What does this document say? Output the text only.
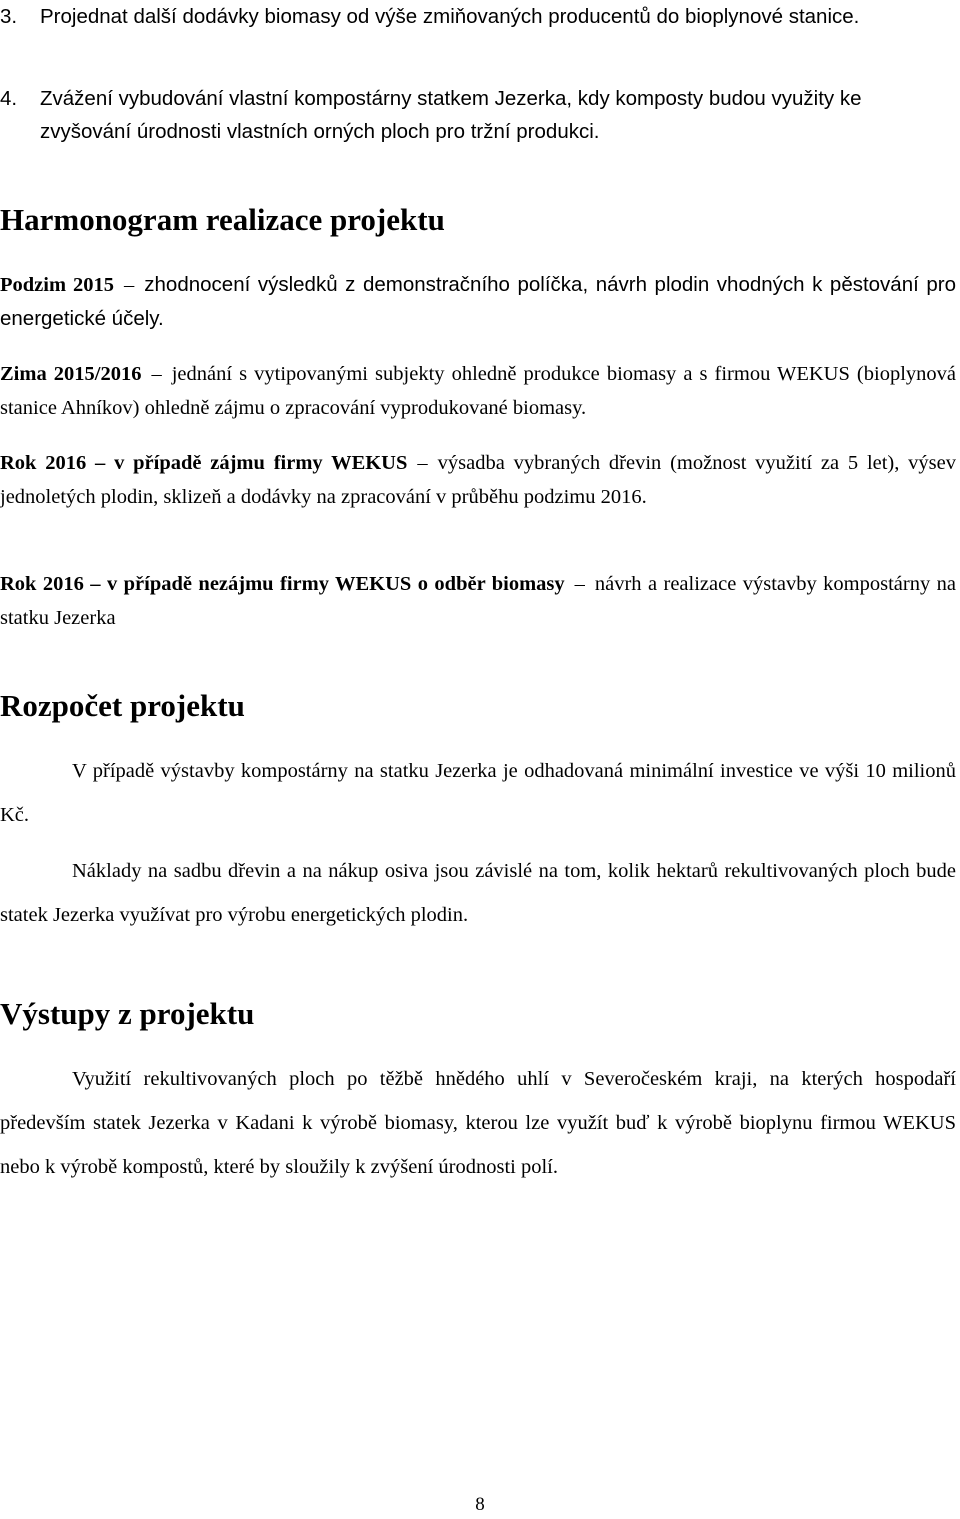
3. Projednat další dodávky biomasy od výše zmiňovaných producentů do bioplynové stanice.
4. Zvážení vybudování vlastní kompostárny statkem Jezerka, kdy komposty budou využity ke zvyšování úrodnosti vlastních orných ploch pro tržní produkci.
Harmonogram realizace projektu

Podzim 2015 – zhodnocení výsledků z demonstračního políčka, návrh plodin vhodných k pěstování pro energetické účely.

Zima 2015/2016 – jednání s vytipovanými subjekty ohledně produkce biomasy a s firmou WEKUS (bioplynová stanice Ahníkov) ohledně zájmu o zpracování vyprodukované biomasy.

Rok 2016 – v případě zájmu firmy WEKUS – výsadba vybraných dřevin (možnost využití za 5 let), výsev jednoletých plodin, sklizeň a dodávky na zpracování v průběhu podzimu 2016.

Rok 2016 – v případě nezájmu firmy WEKUS o odběr biomasy – návrh a realizace výstavby kompostárny na statku Jezerka

Rozpočet projektu

V případě výstavby kompostárny na statku Jezerka je odhadovaná minimální investice ve výši 10 milionů Kč.

Náklady na sadbu dřevin a na nákup osiva jsou závislé na tom, kolik hektarů rekultivovaných ploch bude statek Jezerka využívat pro výrobu energetických plodin.

Výstupy z projektu

Využití rekultivovaných ploch po těžbě hnědého uhlí v Severočeském kraji, na kterých hospodaří především statek Jezerka v Kadani k výrobě biomasy, kterou lze využít buď k výrobě bioplynu firmou WEKUS nebo k výrobě kompostů, které by sloužily k zvýšení úrodnosti polí.

8
